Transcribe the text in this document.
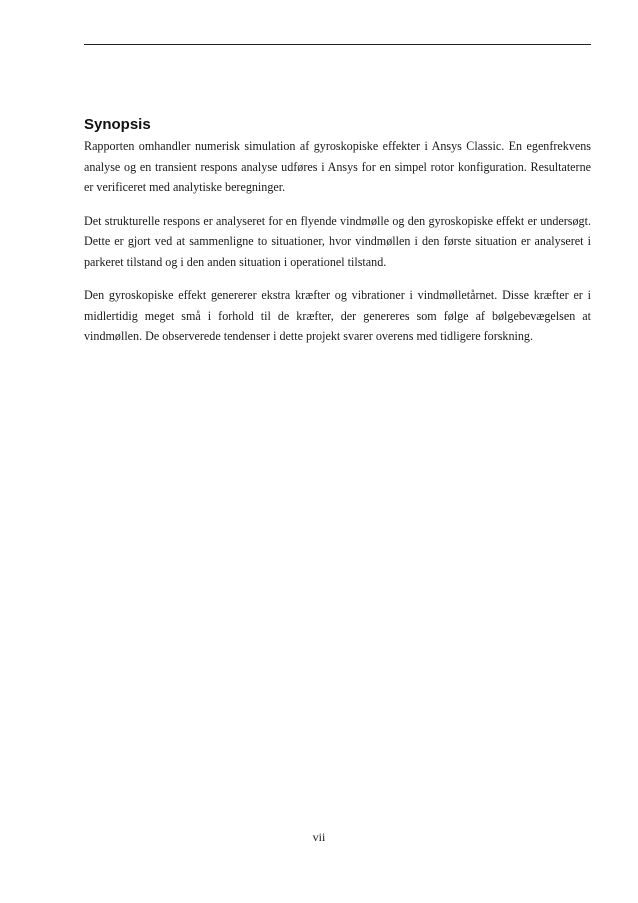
Synopsis

Rapporten omhandler numerisk simulation af gyroskopiske effekter i Ansys Classic. En egenfrekvens analyse og en transient respons analyse udføres i Ansys for en simpel rotor konfiguration. Resultaterne er verificeret med analytiske beregninger.

Det strukturelle respons er analyseret for en flyende vindmølle og den gyroskopiske effekt er undersøgt. Dette er gjort ved at sammenligne to situationer, hvor vindmøllen i den første situation er analyseret i parkeret tilstand og i den anden situation i operationel tilstand.

Den gyroskopiske effekt genererer ekstra kræfter og vibrationer i vindmølletårnet. Disse kræfter er i midlertidig meget små i forhold til de kræfter, der genereres som følge af bølgebevægelsen at vindmøllen. De observerede tendenser i dette projekt svarer overens med tidligere forskning.

vii
